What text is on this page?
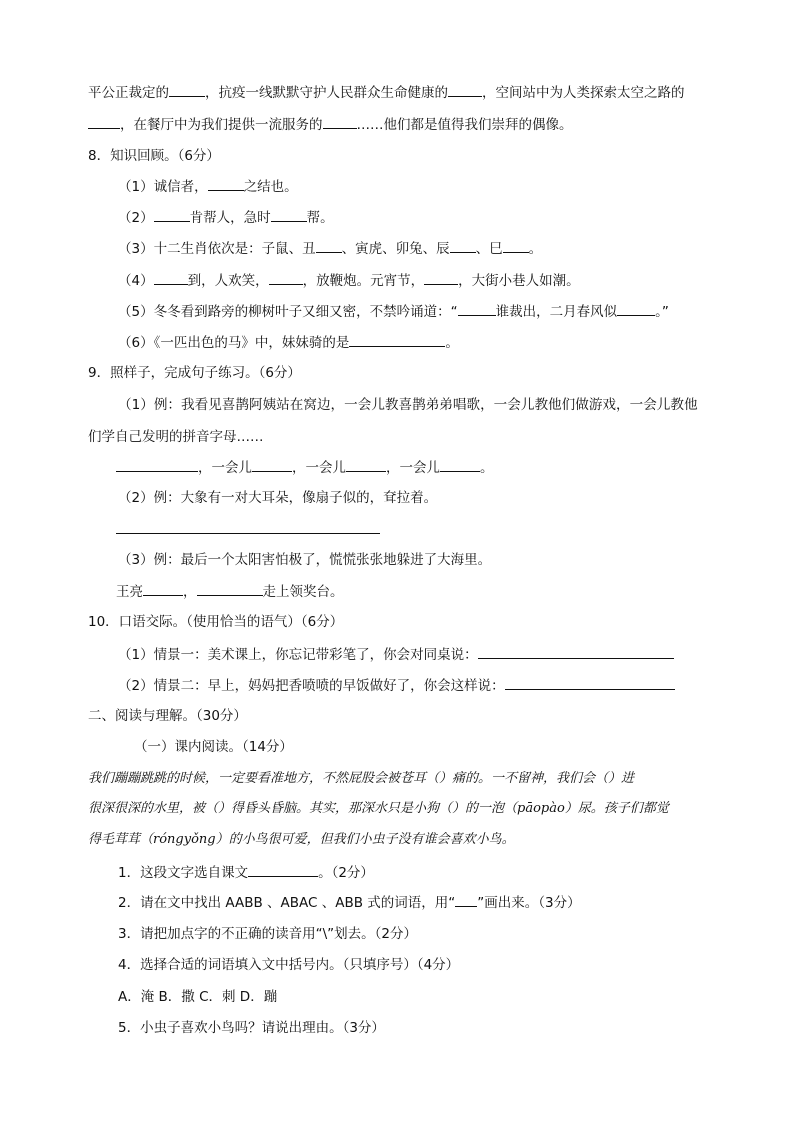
平公正裁定的	，抗疫一线默默守护人民群众生命健康的	，空间站中为人类探索太空之路的
，在餐厅中为我们提供一流服务的	……他们都是值得我们崇拜的偶像。
8．知识回顾。（6分）
（1）诚信者，	之结也。
（2）	肯帮人，急时	帮。
（3）十二生肖依次是：子鼠、丑 、寅虎、卯兔、辰 、巳 。
（4）	到，人欢笑，	，放鞭炮。元宵节，	，大街小巷人如潮。
（5）冬冬看到路旁的柳树叶子又细又密，不禁吟诵道：“	谁裁出，二月春风似	。”
（6）《一匹出色的马》中，妹妹骑的是	。
9．照样子，完成句子练习。（6分）
（1）例：我看见喜鹊阿姨站在窝边，一会儿教喜鹊弟弟唱歌，一会儿教他们做游戏，一会儿教他
们学自己发明的拼音字母……
，一会儿	，一会儿	，一会儿	。
（2）例：大象有一对大耳朵，像扇子似的，耷拉着。
（3）例：最后一个太阳害怕极了，慌慌张张地躲进了大海里。
王亮	，	走上领奖台。
10．口语交际。（使用恰当的语气）（6分）
（1）情景一：美术课上，你忘记带彩笔了，你会对同桌说：
（2）情景二：早上，妈妈把香喷喷的早饭做好了，你会这样说：
二、阅读与理解。（30分）
（一）课内阅读。（14分）
我们蹦蹦跳跳的时候，一定要看准地方，不然屁股会被苍耳（）痛的。一不留神，我们会（）进
很深很深的水里，被（）得昏头昏脑。其实，那深水只是小狗（）的一泡（pāopào）尿。孩子们都觉
得毛茸茸（róngyǒng）的小鸟很可爱，但我们小虫子没有谁会喜欢小鸟。
1．这段文字选自课文	。（2分）
2．请在文中找出 AABB 、ABAC 、ABB 式的词语，用“ ”画出来。（3分）
3．请把加点字的不正确的读音用“\”划去。（2分）
4．选择合适的词语填入文中括号内。（只填序号）（4分）
A．淹 B．撒 C．刺 D．蹦
5．小虫子喜欢小鸟吗？请说出理由。（3分）
